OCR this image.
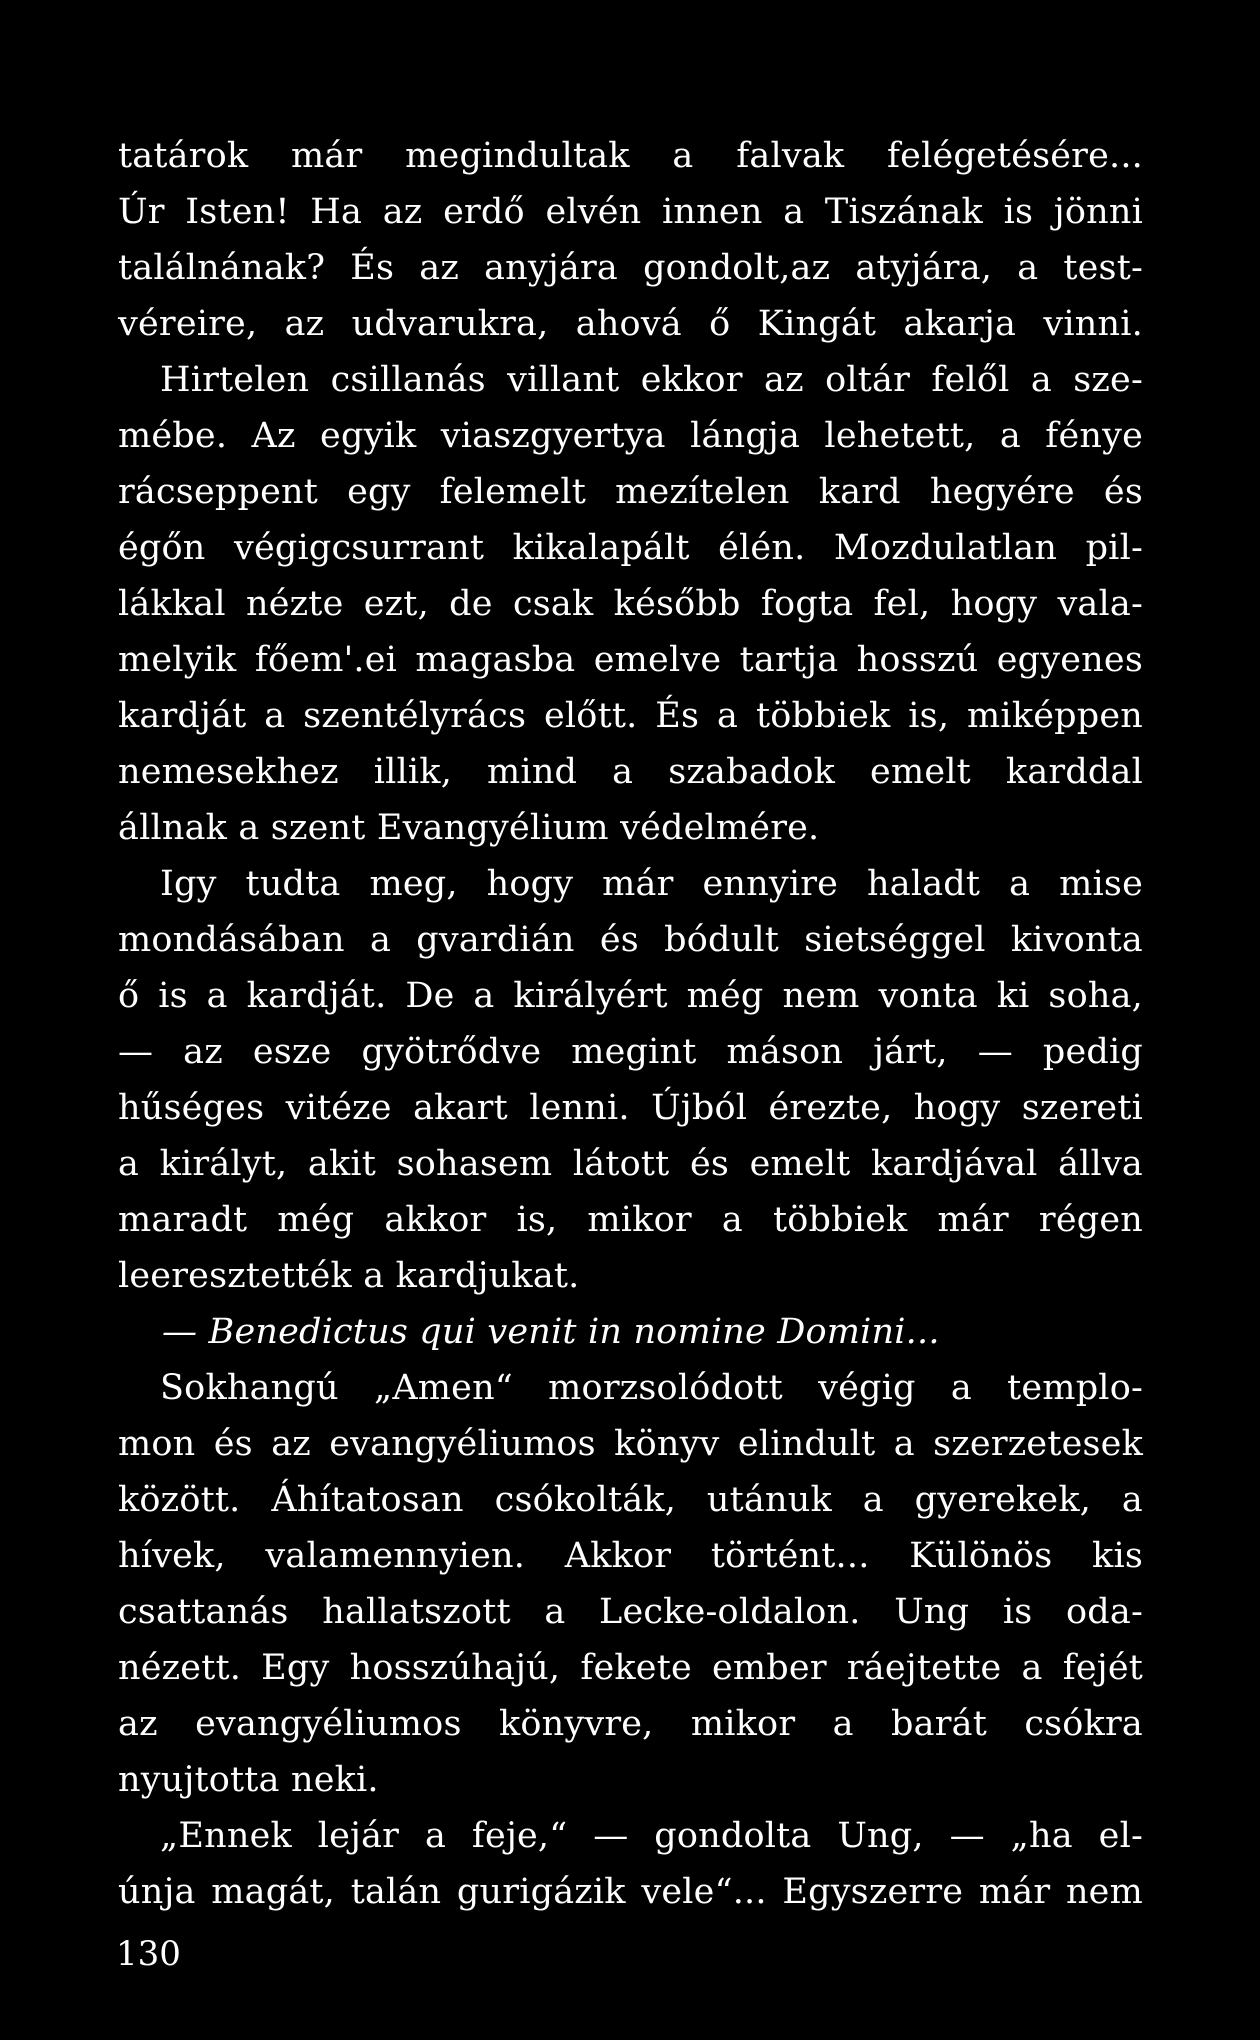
tatárok már megindultak a falvak felégetésére...
Úr Isten! Ha az erdő elvén innen a Tiszának is jönni
találnának? És az anyjára gondolt,az atyjára, a test-
véreire, az udvarukra, ahová ő Kingát akarja vinni.
Hirtelen csillanás villant ekkor az oltár felől a sze-
mébe. Az egyik viaszgyertya lángja lehetett, a fénye
rácseppent egy felemelt mezítelen kard hegyére és
égőn végigcsurrant kikalapált élén. Mozdulatlan pil-
lákkal nézte ezt, de csak később fogta fel, hogy vala-
melyik főem'.ei magasba emelve tartja hosszú egyenes
kardját a szentélyrács előtt. És a többiek is, miképpen
nemesekhez illik, mind a szabadok emelt karddal
állnak a szent Evangyélium védelmére.
Igy tudta meg, hogy már ennyire haladt a mise
mondásában a gvardián és bódult sietséggel kivonta
ő is a kardját. De a királyért még nem vonta ki soha,
— az esze gyötrődve megint máson járt, — pedig
hűséges vitéze akart lenni. Újból érezte, hogy szereti
a királyt, akit sohasem látott és emelt kardjával állva
maradt még akkor is, mikor a többiek már régen
leeresztették a kardjukat.
— Benedictus qui venit in nomine Domini...
Sokhangú „Amen“ morzsolódott végig a templo-
mon és az evangyéliumos könyv elindult a szerzetesek
között. Áhítatosan csókolták, utánuk a gyerekek, a
hívek, valamennyien. Akkor történt... Különös kis
csattanás hallatszott a Lecke-oldalon. Ung is oda-
nézett. Egy hosszúhajú, fekete ember ráejtette a fejét
az evangyéliumos könyvre, mikor a barát csókra
nyujtotta neki.
„Ennek lejár a feje,“ — gondolta Ung, — „ha el-
únja magát, talán gurigázik vele“... Egyszerre már nem
130
